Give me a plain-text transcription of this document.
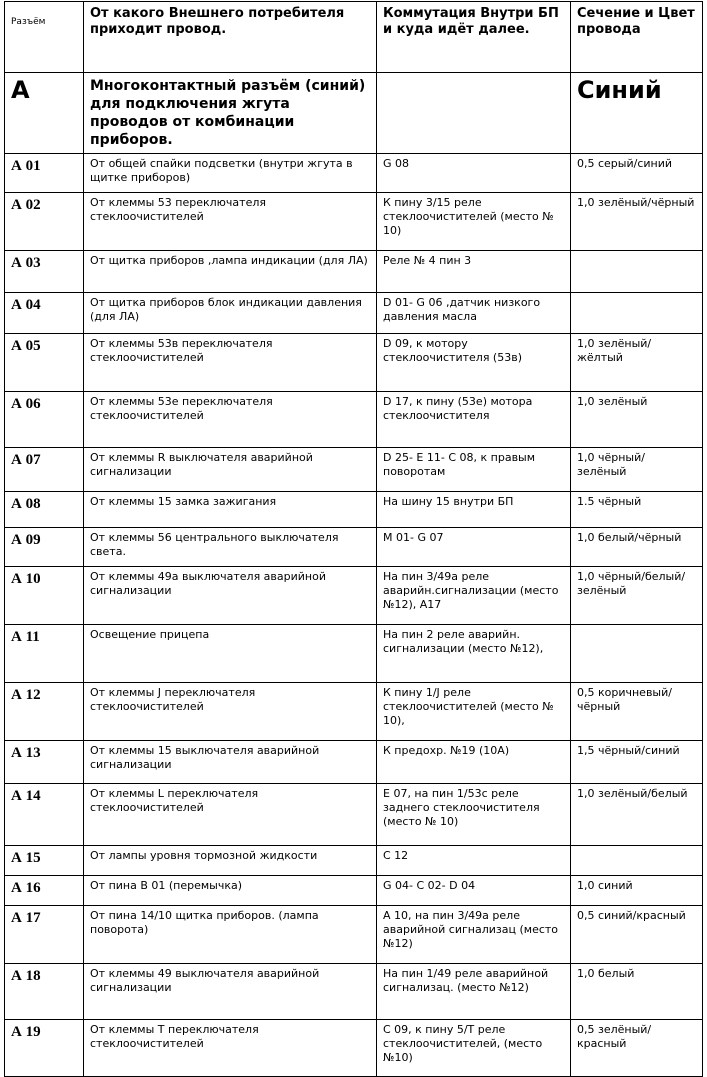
Разъём	От какого Внешнего потребителя приходит провод.	Коммутация Внутри БП и куда идёт далее.	Сечение и Цвет провода
А	Многоконтактный разъём (синий) для подключения жгута проводов от комбинации приборов.		Синий
А 01	От общей спайки подсветки (внутри жгута в щитке приборов)	G 08	0,5 серый/синий
А 02	От клеммы 53 переключателя стеклоочистителей	К пину 3/15 реле стеклоочистителей (место № 10)	1,0 зелёный/чёрный
А 03	От щитка приборов ,лампа индикации (для ЛА)	Реле № 4 пин 3	
А 04	От щитка приборов блок индикации давления (для ЛА)	D 01- G 06 ,датчик низкого давления масла	
А 05	От клеммы 53в переключателя стеклоочистителей	D 09, к мотору стеклоочистителя (53в)	1,0 зелёный/жёлтый
А 06	От клеммы 53е переключателя стеклоочистителей	D 17, к пину (53е) мотора стеклоочистителя	1,0 зелёный
А 07	От клеммы R выключателя аварийной сигнализации	D 25- Е 11- С 08, к правым поворотам	1,0 чёрный/ зелёный
А 08	От клеммы 15 замка зажигания	На шину 15 внутри БП	1.5 чёрный
А 09	От клеммы 56 центрального выключателя света.	М 01- G 07	1,0 белый/чёрный
А 10	От клеммы 49а выключателя аварийной сигнализации	На пин 3/49а реле аварийн.сигнализации (место №12), А17	1,0 чёрный/белый/ зелёный
А 11	Освещение прицепа	На пин 2 реле аварийн. сигнализации (место №12),	
А 12	От клеммы J переключателя стеклоочистителей	К пину 1/J реле стеклоочистителей (место № 10),	0,5 коричневый/ чёрный
А 13	От клеммы 15 выключателя аварийной сигнализации	К предохр. №19 (10А)	1,5 чёрный/синий
А 14	От клеммы L переключателя стеклоочистителей	Е 07, на пин 1/53с реле заднего стеклоочистителя (место № 10)	1,0 зелёный/белый
А 15	От лампы уровня тормозной жидкости	С 12	
А 16	От пина В 01 (перемычка)	G 04- С 02- D 04	1,0 синий
А 17	От пина 14/10 щитка приборов. (лампа поворота)	А 10, на пин 3/49а реле аварийной сигнализац (место №12)	0,5 синий/красный
А 18	От клеммы 49 выключателя аварийной сигнализации	На пин 1/49 реле аварийной сигнализац. (место №12)	1,0 белый
А 19	От клеммы Т переключателя стеклоочистителей	С 09, к пину 5/Т реле стеклоочистителей, (место №10)	0,5 зелёный/ красный
